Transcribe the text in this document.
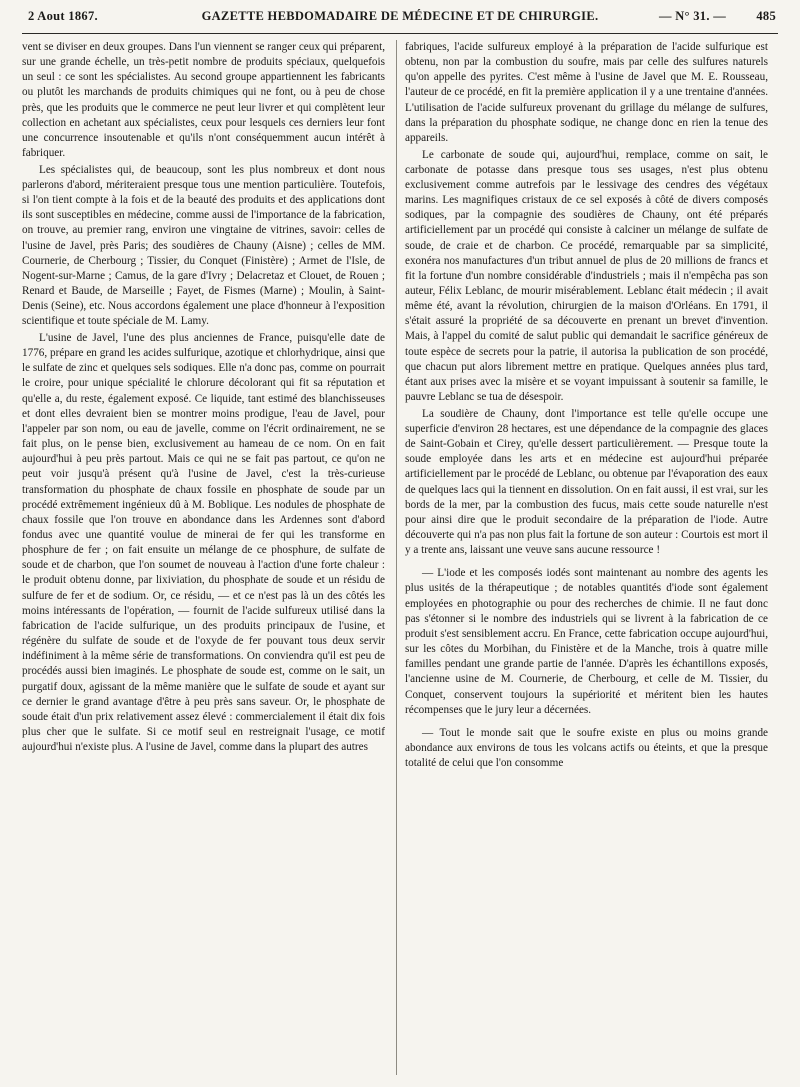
2 Aout 1867.	GAZETTE HEBDOMADAIRE DE MÉDECINE ET DE CHIRURGIE.	— N° 31. — 485

vent se diviser en deux groupes. Dans l'un viennent se ranger ceux qui préparent, sur une grande échelle, un très-petit nombre de produits spéciaux, quelquefois un seul : ce sont les spécialistes. Au second groupe appartiennent les fabricants ou plutôt les marchands de produits chimiques qui ne font, ou à peu de chose près, que les produits que le commerce ne peut leur livrer et qui complètent leur collection en achetant aux spécialistes, ceux pour lesquels ces derniers leur font une concurrence insoutenable et qu'ils n'ont conséquemment aucun intérêt à fabriquer.

Les spécialistes qui, de beaucoup, sont les plus nombreux et dont nous parlerons d'abord, mériteraient presque tous une mention particulière. Toutefois, si l'on tient compte à la fois et de la beauté des produits et des applications dont ils sont susceptibles en médecine, comme aussi de l'importance de la fabrication, on trouve, au premier rang, environ une vingtaine de vitrines, savoir: celles de l'usine de Javel, près Paris; des soudières de Chauny (Aisne) ; celles de MM. Cournerie, de Cherbourg ; Tissier, du Conquet (Finistère) ; Armet de l'Isle, de Nogent-sur-Marne ; Camus, de la gare d'Ivry ; Delacretaz et Clouet, de Rouen ; Renard et Baude, de Marseille ; Fayet, de Fismes (Marne) ; Moulin, à Saint-Denis (Seine), etc. Nous accordons également une place d'honneur à l'exposition scientifique et toute spéciale de M. Lamy.

L'usine de Javel, l'une des plus anciennes de France, puisqu'elle date de 1776, prépare en grand les acides sulfurique, azotique et chlorhydrique, ainsi que le sulfate de zinc et quelques sels sodiques. Elle n'a donc pas, comme on pourrait le croire, pour unique spécialité le chlorure décolorant qui fit sa réputation et qu'elle a, du reste, également exposé. Ce liquide, tant estimé des blanchisseuses et dont elles devraient bien se montrer moins prodigue, l'eau de Javel, pour l'appeler par son nom, ou eau de javelle, comme on l'écrit ordinairement, ne se fait plus, on le pense bien, exclusivement au hameau de ce nom. On en fait aujourd'hui à peu près partout. Mais ce qui ne se fait pas partout, ce qu'on ne peut voir jusqu'à présent qu'à l'usine de Javel, c'est la très-curieuse transformation du phosphate de chaux fossile en phosphate de soude par un procédé extrêmement ingénieux dû à M. Boblique. Les nodules de phosphate de chaux fossile que l'on trouve en abondance dans les Ardennes sont d'abord fondus avec une quantité voulue de minerai de fer qui les transforme en phosphure de fer ; on fait ensuite un mélange de ce phosphure, de sulfate de soude et de charbon, que l'on soumet de nouveau à l'action d'une forte chaleur : le produit obtenu donne, par lixiviation, du phosphate de soude et un résidu de sulfure de fer et de sodium. Or, ce résidu, — et ce n'est pas là un des côtés les moins intéressants de l'opération, — fournit de l'acide sulfureux utilisé dans la fabrication de l'acide sulfurique, un des produits principaux de l'usine, et régénère du sulfate de soude et de l'oxyde de fer pouvant tous deux servir indéfiniment à la même série de transformations. On conviendra qu'il est peu de procédés aussi bien imaginés. Le phosphate de soude est, comme on le sait, un purgatif doux, agissant de la même manière que le sulfate de soude et ayant sur ce dernier le grand avantage d'être à peu près sans saveur. Or, le phosphate de soude était d'un prix relativement assez élevé : commercialement il était dix fois plus cher que le sulfate. Si ce motif seul en restreignait l'usage, ce motif aujourd'hui n'existe plus. A l'usine de Javel, comme dans la plupart des autres

fabriques, l'acide sulfureux employé à la préparation de l'acide sulfurique est obtenu, non par la combustion du soufre, mais par celle des sulfures naturels qu'on appelle des pyrites. C'est même à l'usine de Javel que M. E. Rousseau, l'auteur de ce procédé, en fit la première application il y a une trentaine d'années. L'utilisation de l'acide sulfureux provenant du grillage du mélange de sulfures, dans la préparation du phosphate sodique, ne change donc en rien la tenue des appareils.

Le carbonate de soude qui, aujourd'hui, remplace, comme on sait, le carbonate de potasse dans presque tous ses usages, n'est plus obtenu exclusivement comme autrefois par le lessivage des cendres des végétaux marins. Les magnifiques cristaux de ce sel exposés à côté de divers composés sodiques, par la compagnie des soudières de Chauny, ont été préparés artificiellement par un procédé qui consiste à calciner un mélange de sulfate de soude, de craie et de charbon. Ce procédé, remarquable par sa simplicité, exonéra nos manufactures d'un tribut annuel de plus de 20 millions de francs et fit la fortune d'un nombre considérable d'industriels ; mais il n'empêcha pas son auteur, Félix Leblanc, de mourir misérablement. Leblanc était médecin ; il avait même été, avant la révolution, chirurgien de la maison d'Orléans. En 1791, il s'était assuré la propriété de sa découverte en prenant un brevet d'invention. Mais, à l'appel du comité de salut public qui demandait le sacrifice généreux de toute espèce de secrets pour la patrie, il autorisa la publication de son procédé, que chacun put alors librement mettre en pratique. Quelques années plus tard, étant aux prises avec la misère et se voyant impuissant à soutenir sa famille, le pauvre Leblanc se tua de désespoir.

La soudière de Chauny, dont l'importance est telle qu'elle occupe une superficie d'environ 28 hectares, est une dépendance de la compagnie des glaces de Saint-Gobain et Cirey, qu'elle dessert particulièrement. — Presque toute la soude employée dans les arts et en médecine est aujourd'hui préparée artificiellement par le procédé de Leblanc, ou obtenue par l'évaporation des eaux de quelques lacs qui la tiennent en dissolution. On en fait aussi, il est vrai, sur les bords de la mer, par la combustion des fucus, mais cette soude naturelle n'est pour ainsi dire que le produit secondaire de la préparation de l'iode. Autre découverte qui n'a pas non plus fait la fortune de son auteur : Courtois est mort il y a trente ans, laissant une veuve sans aucune ressource !

— L'iode et les composés iodés sont maintenant au nombre des agents les plus usités de la thérapeutique ; de notables quantités d'iode sont également employées en photographie ou pour des recherches de chimie. Il ne faut donc pas s'étonner si le nombre des industriels qui se livrent à la fabrication de ce produit s'est sensiblement accru. En France, cette fabrication occupe aujourd'hui, sur les côtes du Morbihan, du Finistère et de la Manche, trois à quatre mille familles pendant une grande partie de l'année. D'après les échantillons exposés, l'ancienne usine de M. Cournerie, de Cherbourg, et celle de M. Tissier, du Conquet, conservent toujours la supériorité et méritent bien les hautes récompenses que le jury leur a décernées.

— Tout le monde sait que le soufre existe en plus ou moins grande abondance aux environs de tous les volcans actifs ou éteints, et que la presque totalité de celui que l'on consomme
